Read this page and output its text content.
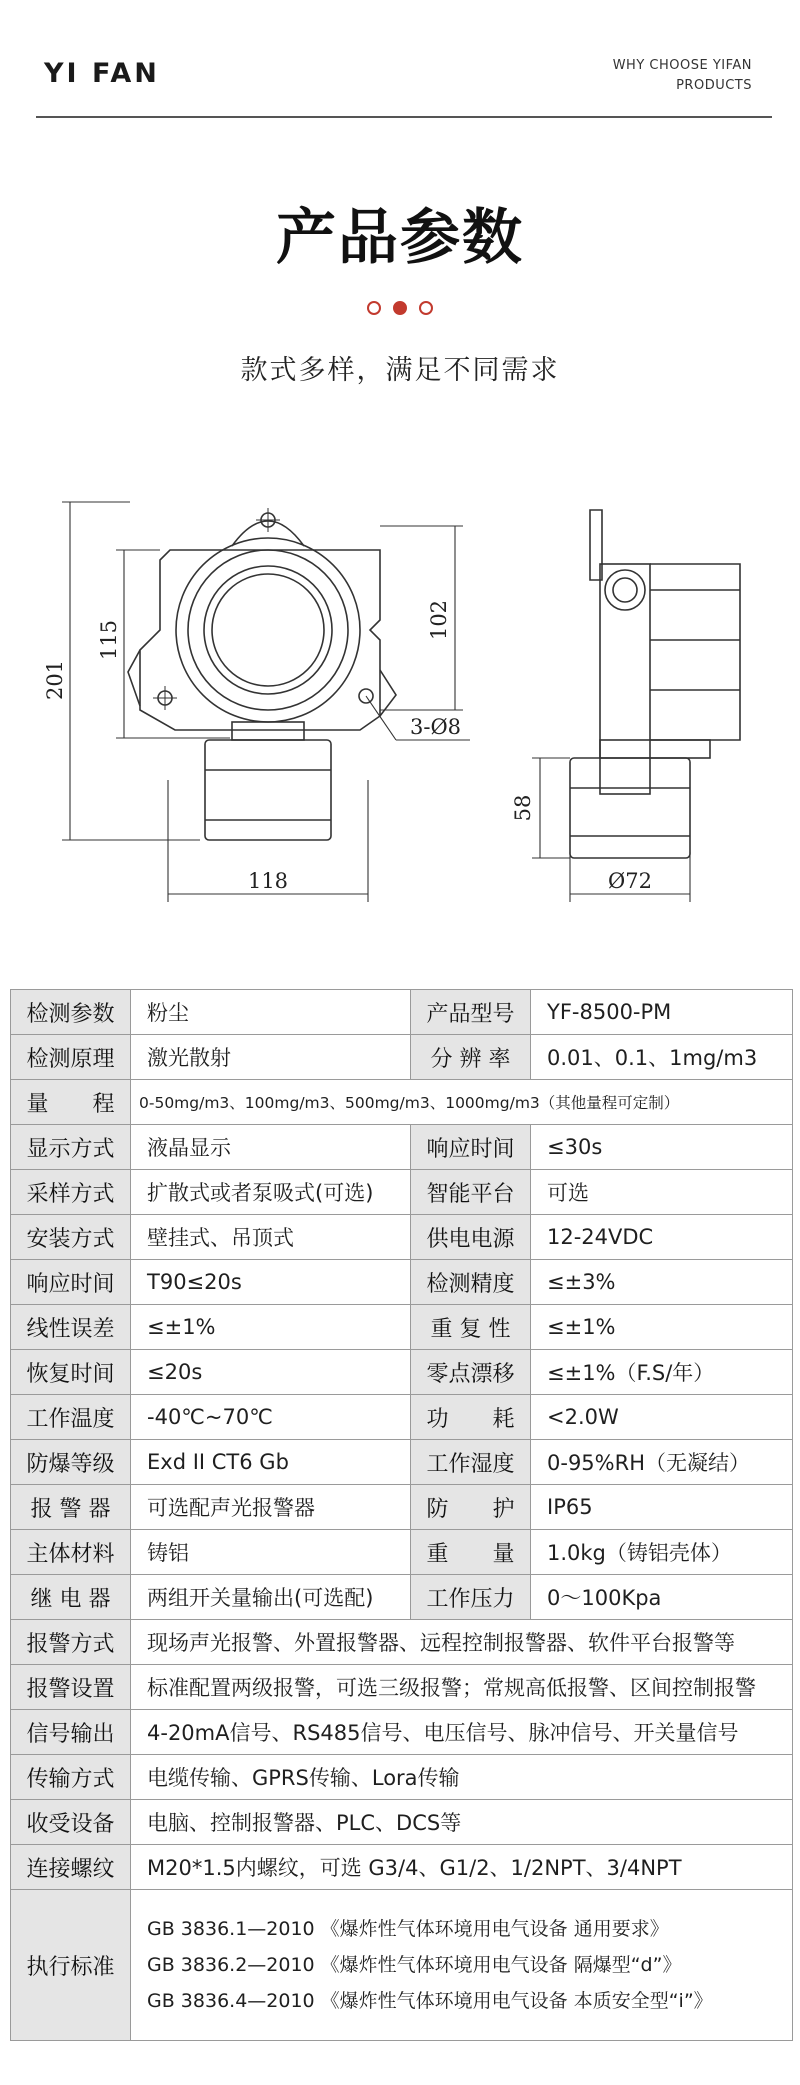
YI FAN	WHY CHOOSE YIFAN
PRODUCTS
产品参数
款式多样，满足不同需求
201
115	102
3-Ø8
118
58
Ø72
检测参数	粉尘	产品型号	YF-8500-PM
检测原理	激光散射	分 辨 率	0.01、0.1、1mg/m3
量　　程	0-50mg/m3、100mg/m3、500mg/m3、1000mg/m3（其他量程可定制）		
显示方式	液晶显示	响应时间	≤30s
采样方式	扩散式或者泵吸式(可选)	智能平台	可选
安装方式	壁挂式、吊顶式	供电电源	12-24VDC
响应时间	T90≤20s	检测精度	≤±3%
线性误差	≤±1%	重 复 性	≤±1%
恢复时间	≤20s	零点漂移	≤±1%（F.S/年）
工作温度	-40℃~70℃	功　　耗	<2.0W
防爆等级	Exd II CT6 Gb	工作湿度	0-95%RH（无凝结）
报 警 器	可选配声光报警器	防　　护	IP65
主体材料	铸铝	重　　量	1.0kg（铸铝壳体）
继 电 器	两组开关量输出(可选配)	工作压力	0～100Kpa
报警方式	现场声光报警、外置报警器、远程控制报警器、软件平台报警等		
报警设置	标准配置两级报警，可选三级报警；常规高低报警、区间控制报警		
信号输出	4-20mA信号、RS485信号、电压信号、脉冲信号、开关量信号		
传输方式	电缆传输、GPRS传输、Lora传输		
收受设备	电脑、控制报警器、PLC、DCS等		
连接螺纹	M20*1.5内螺纹，可选 G3/4、G1/2、1/2NPT、3/4NPT		
执行标准	GB 3836.1—2010 《爆炸性气体环境用电气设备 通用要求》
GB 3836.2—2010 《爆炸性气体环境用电气设备 隔爆型“d”》
GB 3836.4—2010 《爆炸性气体环境用电气设备 本质安全型“i”》		
